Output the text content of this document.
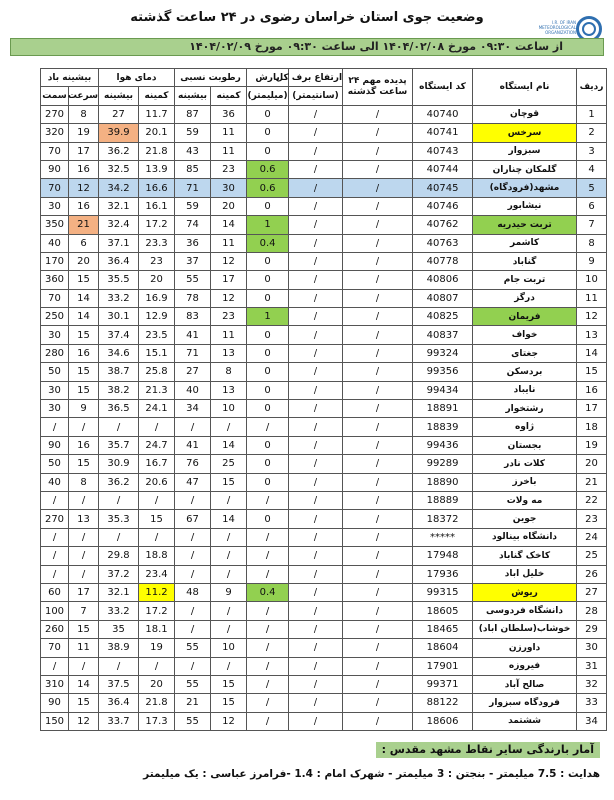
وضعیت جوی استان خراسان رضوی در ۲۴ ساعت گذشته	I.R. OF IRAN
METEOROLOGICAL
ORGANIZATION
از ساعت ۰۹:۳۰ مورخ ۱۴۰۴/۰۲/۰۸ الی ساعت ۰۹:۳۰ مورخ ۱۴۰۴/۰۲/۰۹
ردیف	نام ایستگاه	کد ایستگاه	پدیده مهم ۲۴ ساعت گذشته	ارتفاع برف کل	بارش	رطوبت نسبی		دمای هوا		بیشینه باد	
				(سانتیمتر)	(میلیمتر)	کمینه	بیشینه	کمینه	بیشینه	سرعت	سمت
1	قوچان	40740	/	/	0	36	87	11.7	27	8	270
2	سرخس	40741	/	/	0	11	59	20.1	39.9	19	320
3	سبزوار	40743	/	/	0	11	43	21.8	36.2	17	70
4	گلمکان چناران	40744	/	/	0.6	23	85	13.9	32.5	16	90
5	مشهد(فرودگاه)	40745	/	/	0.6	30	71	16.6	34.2	12	70
6	نیشابور	40746	/	/	0	20	59	16.1	32.1	16	30
7	تربت حیدریه	40762	/	/	1	14	74	17.2	32.4	21	350
8	کاشمر	40763	/	/	0.4	11	36	23.3	37.1	6	40
9	گناباد	40778	/	/	0	12	37	23	36.4	20	170
10	تربت جام	40806	/	/	0	17	55	20	35.5	15	360
11	درگز	40807	/	/	0	12	78	16.9	33.2	14	70
12	فریمان	40825	/	/	1	23	83	12.9	30.1	14	250
13	خواف	40837	/	/	0	11	41	23.5	37.4	15	30
14	جغتای	99324	/	/	0	13	71	15.1	34.6	16	280
15	بردسکن	99356	/	/	0	8	27	25.8	38.7	15	50
16	نایباد	99434	/	/	0	13	40	21.3	38.2	15	30
17	رشتخوار	18891	/	/	0	10	34	24.1	36.5	9	30
18	ژاوه	18839	/	/	/	/	/	/	/	/	/
19	بجستان	99436	/	/	0	14	41	24.7	35.7	16	90
20	کلات نادر	99289	/	/	0	25	76	16.7	30.9	15	50
21	باخرز	18890	/	/	0	15	47	20.6	36.2	8	40
22	مه ولات	18889	/	/	/	/	/	/	/	/	/
23	جوین	18372	/	/	0	14	67	15	35.3	13	270
24	دانشگاه بینالود	*****	/	/	/	/	/	/	/	/	/
25	کاخک گناباد	17948	/	/	/	/	/	18.8	29.8	/	/
26	خلیل اباد	17936	/	/	/	/	/	23.4	37.2	/	/
27	ریوش	99315	/	/	0.4	9	48	11.2	32.1	17	60
28	دانشگاه فردوسی	18605	/	/	/	/	/	17.2	33.2	7	100
29	خوشاب(سلطان اباد)	18465	/	/	/	/	/	18.1	35	15	260
30	داورزن	18604	/	/	/	10	55	19	38.9	11	70
31	فیروزه	17901	/	/	/	/	/	/	/	/	/
32	صالح آباد	99371	/	/	/	15	55	20	37.5	14	310
33	فرودگاه سبزوار	88122	/	/	/	15	21	21.8	36.4	15	90
34	ششتمد	18606	/	/	/	12	55	17.3	33.7	12	150
آمار بارندگی سایر نقاط مشهد مقدس :
هدایت : 7.5 میلیمتر - بنجتن : 3 میلیمتر - شهرک امام : 1.4 -فرامرز عباسی : یک میلیمتر
